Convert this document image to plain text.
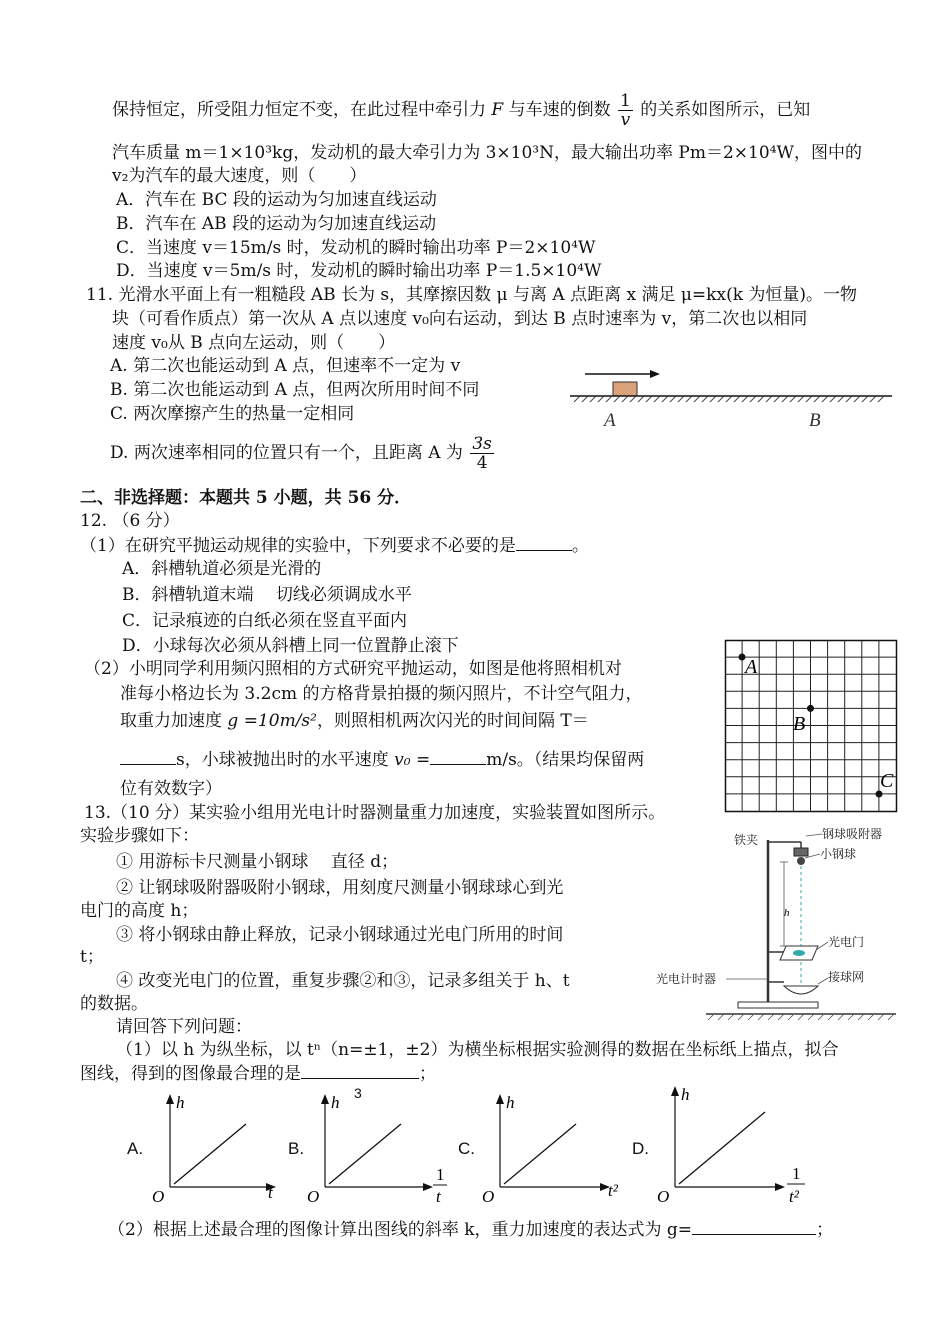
保持恒定，所受阻力恒定不变，在此过程中牵引力 F 与车速的倒数 $\frac{1}{v}$ 的关系如图所示，已知
汽车质量 m＝1×10³kg，发动机的最大牵引力为 3×10³N，最大输出功率 Pm＝2×10⁴W，图中的
v₂为汽车的最大速度，则（　　）
A．汽车在 BC 段的运动为匀加速直线运动
B．汽车在 AB 段的运动为匀加速直线运动
C．当速度 v＝15m/s 时，发动机的瞬时输出功率 P＝2×10⁴W
D．当速度 v＝5m/s 时，发动机的瞬时输出功率 P＝1.5×10⁴W
11. 光滑水平面上有一粗糙段 AB 长为 s，其摩擦因数 μ 与离 A 点距离 x 满足 μ=kx(k 为恒量)。一物
块（可看作质点）第一次从 A 点以速度 v₀向右运动，到达 B 点时速率为 v，第二次也以相同
速度 v₀从 B 点向左运动，则（　　）
A. 第二次也能运动到 A 点，但速率不一定为 v
B. 第二次也能运动到 A 点，但两次所用时间不同
C. 两次摩擦产生的热量一定相同
D. 两次速率相同的位置只有一个，且距离 A 为 $\frac{3s}{4}$
A	B
二、非选择题：本题共 5 小题，共 56 分．
12. （6 分）
（1）在研究平抛运动规律的实验中，下列要求不必要的是	。
A．斜槽轨道必须是光滑的
B．斜槽轨道末端　 切线必须调成水平
C．记录痕迹的白纸必须在竖直平面内
D．小球每次必须从斜槽上同一位置静止滚下
（2）小明同学利用频闪照相的方式研究平抛运动，如图是他将照相机对
准每小格边长为 3.2cm 的方格背景拍摄的频闪照片，不计空气阻力，
取重力加速度 g =10m/s²，则照相机两次闪光的时间间隔 T＝
s，小球被抛出时的水平速度 v₀ =	m/s。（结果均保留两
位有效数字）
A
B
C
13.（10 分）某实验小组用光电计时器测量重力加速度，实验装置如图所示。
实验步骤如下：
① 用游标卡尺测量小钢球　 直径 d；
② 让钢球吸附器吸附小钢球，用刻度尺测量小钢球球心到光
电门的高度 h；
③ 将小钢球由静止释放，记录小钢球通过光电门所用的时间
t；
④ 改变光电门的位置，重复步骤②和③，记录多组关于 h、t
的数据。
请回答下列问题：
（1）以 h 为纵坐标，以 tⁿ（n=±1，±2）为横坐标根据实验测得的数据在坐标纸上描点，拟合
图线，得到的图像最合理的是	；
铁夹	钢球吸附器
小钢球
光电门
光电计时器	接球网
h
3
A.
h
t
O
B.
h
1
t
O
C.
h
t²
O
D.
h
1
t²
O
（2）根据上述最合理的图像计算出图线的斜率 k，重力加速度的表达式为 g=	；
